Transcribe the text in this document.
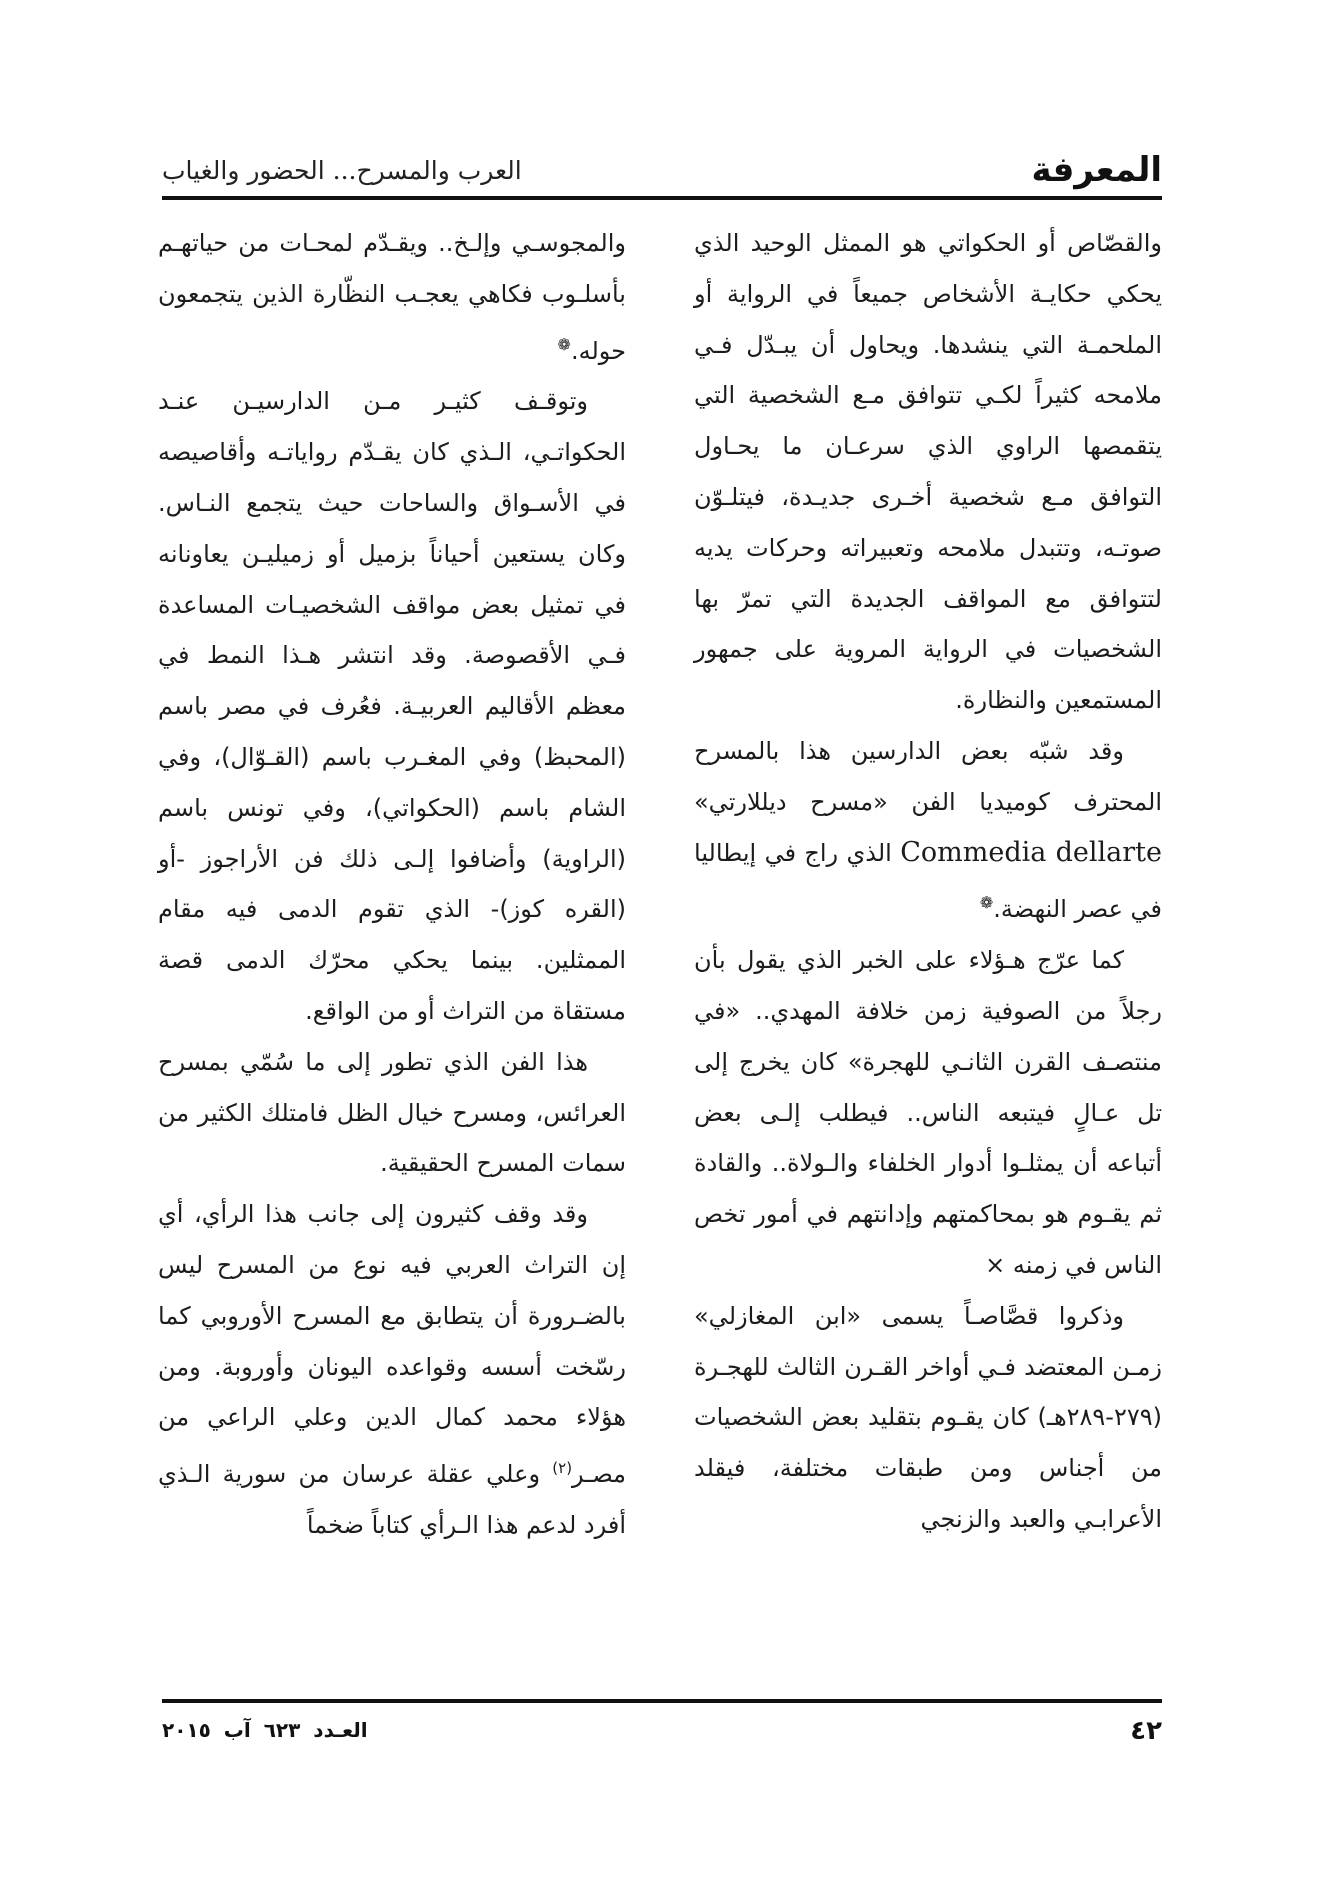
المعرفة
العرب والمسرح... الحضور والغياب

والقصّاص أو الحكواتي هو الممثل الوحيد الذي يحكي حكايـة الأشخاص جميعاً في الرواية أو الملحمـة التي ينشدها. ويحاول أن يبـدّل فـي ملامحه كثيراً لكـي تتوافق مـع الشخصية التي يتقمصها الراوي الذي سرعـان ما يحـاول التوافق مـع شخصية أخـرى جديـدة، فيتلـوّن صوتـه، وتتبدل ملامحه وتعبيراته وحركات يديه لتتوافق مع المواقف الجديدة التي تمرّ بها الشخصيات في الرواية المروية على جمهور المستمعين والنظارة.

وقد شبّه بعض الدارسين هذا بالمسرح المحترف كوميديا الفن «مسرح ديللارتي» Commedia dellarte الذي راج في إيطاليا في عصر النهضة.❁

كما عرّج هـؤلاء على الخبر الذي يقول بأن رجلاً من الصوفية زمن خلافة المهدي.. «في منتصـف القرن الثانـي للهجرة» كان يخرج إلى تل عـالٍ فيتبعه الناس.. فيطلب إلـى بعض أتباعه أن يمثلـوا أدوار الخلفاء والـولاة.. والقادة ثم يقـوم هو بمحاكمتهم وإدانتهم في أمور تخص الناس في زمنه ×

وذكروا قصَّاصـاً يسمى «ابن المغازلي» زمـن المعتضد فـي أواخر القـرن الثالث للهجـرة (٢٧٩-٢٨٩هـ) كان يقـوم بتقليد بعض الشخصيات من أجناس ومن طبقات مختلفة، فيقلد الأعرابـي والعبد والزنجي

والمجوسـي وإلـخ.. ويقـدّم لمحـات من حياتهـم بأسلـوب فكاهي يعجـب النظّارة الذين يتجمعون حوله.❁

وتوقـف كثيـر مـن الدارسيـن عنـد الحكواتـي، الـذي كان يقـدّم رواياتـه وأقاصيصه في الأسـواق والساحات حيث يتجمع النـاس. وكان يستعين أحياناً بزميل أو زميليـن يعاونانه في تمثيل بعض مواقف الشخصيـات المساعدة فـي الأقصوصة. وقد انتشر هـذا النمط في معظم الأقاليم العربيـة. فعُرف في مصر باسم (المحبظ) وفي المغـرب باسم (القـوّال)، وفي الشام باسم (الحكواتي)، وفي تونس باسم (الراوية) وأضافوا إلـى ذلك فن الأراجوز -أو (القره كوز)- الذي تقوم الدمى فيه مقام الممثلين. بينما يحكي محرّك الدمى قصة مستقاة من التراث أو من الواقع.

هذا الفن الذي تطور إلى ما سُمّي بمسرح العرائس، ومسرح خيال الظل فامتلك الكثير من سمات المسرح الحقيقية.

وقد وقف كثيرون إلى جانب هذا الرأي، أي إن التراث العربي فيه نوع من المسرح ليس بالضـرورة أن يتطابق مع المسرح الأوروبي كما رسّخت أسسه وقواعده اليونان وأوروبة. ومن هؤلاء محمد كمال الدين وعلي الراعي من مصـر$^{(٢)}$ وعلي عقلة عرسان من سورية الـذي أفرد لدعم هذا الـرأي كتاباً ضخماً

٤٢
العـدد ٦٢٣ آب ٢٠١٥
